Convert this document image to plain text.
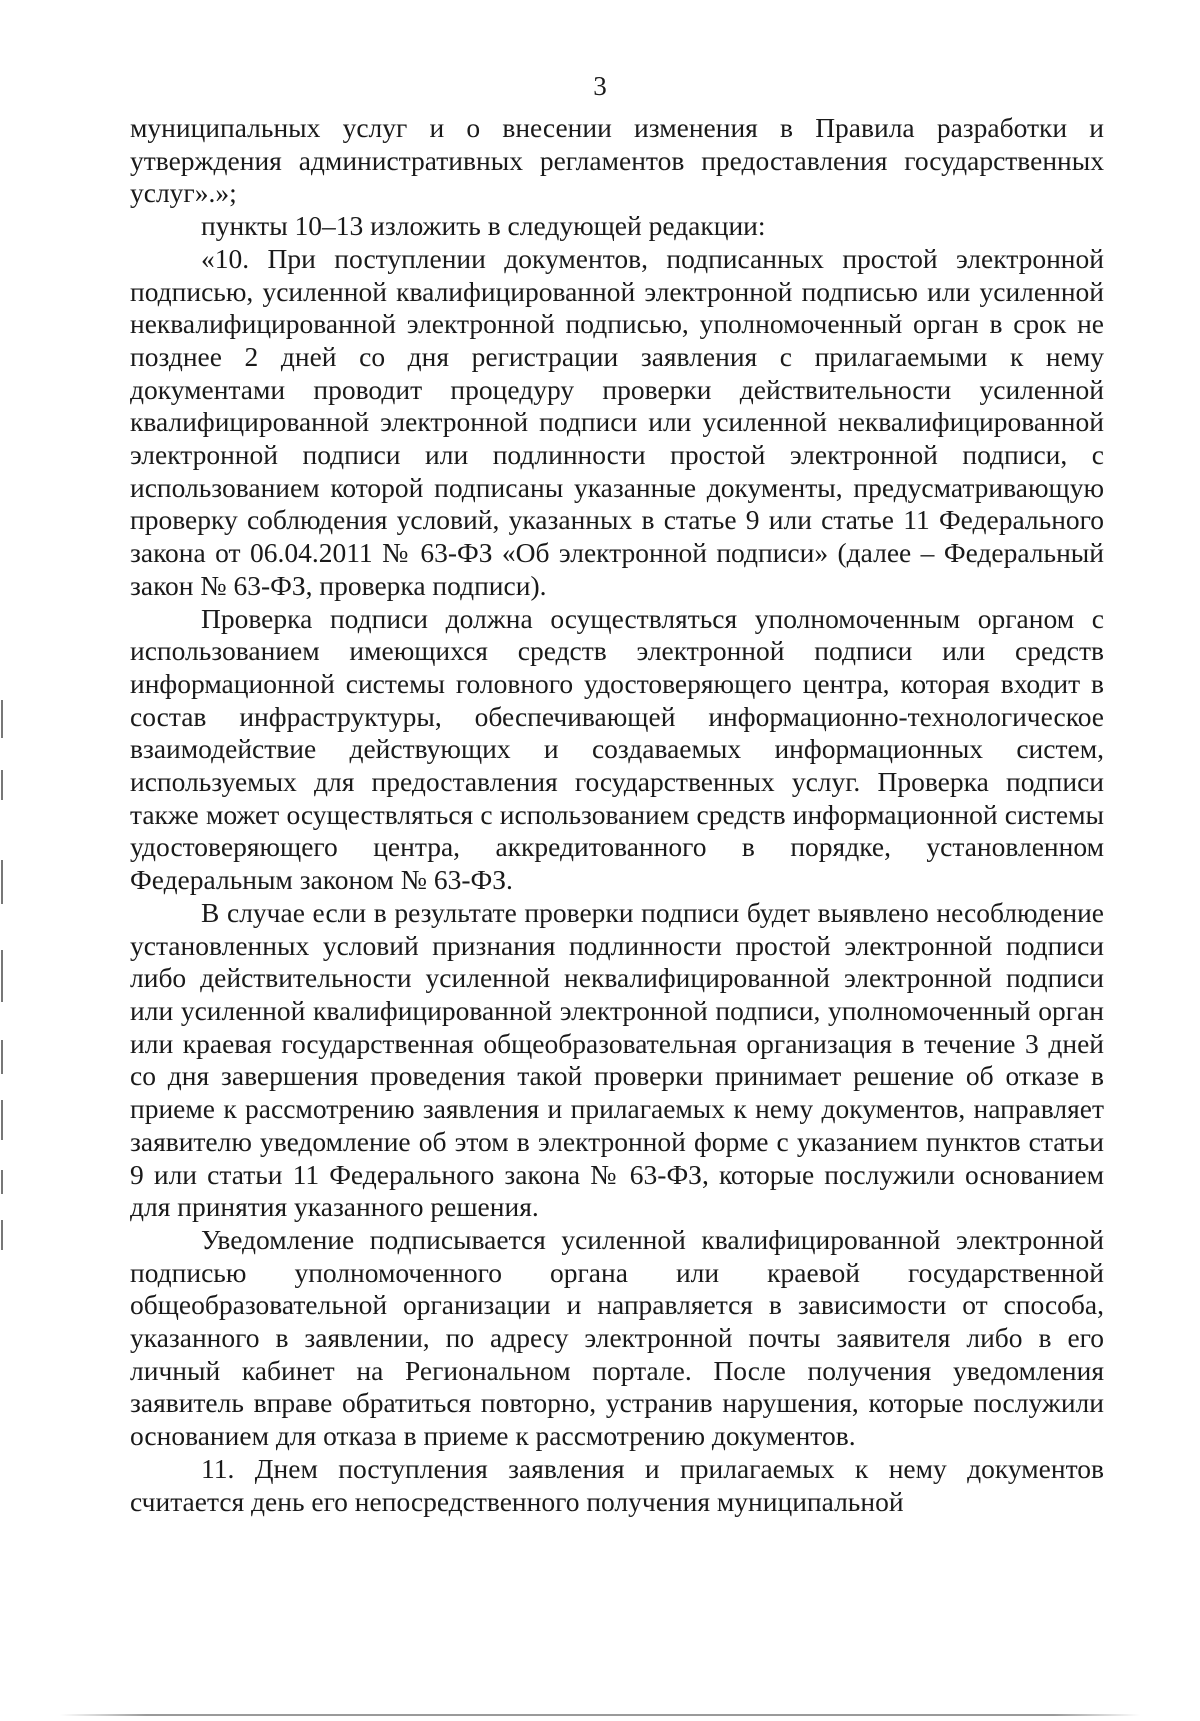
3

муниципальных услуг и о внесении изменения в Правила разработки и утверждения административных регламентов предоставления государственных услуг».»;

пункты 10–13 изложить в следующей редакции:

«10. При поступлении документов, подписанных простой электронной подписью, усиленной квалифицированной электронной подписью или усиленной неквалифицированной электронной подписью, уполномоченный орган в срок не позднее 2 дней со дня регистрации заявления с прилагаемыми к нему документами проводит процедуру проверки действительности усиленной квалифицированной электронной подписи или усиленной неквалифицированной электронной подписи или подлинности простой электронной подписи, с использованием которой подписаны указанные документы, предусматривающую проверку соблюдения условий, указанных в статье 9 или статье 11 Федерального закона от 06.04.2011 № 63-ФЗ «Об электронной подписи» (далее – Федеральный закон № 63-ФЗ, проверка подписи).

Проверка подписи должна осуществляться уполномоченным органом с использованием имеющихся средств электронной подписи или средств информационной системы головного удостоверяющего центра, которая входит в состав инфраструктуры, обеспечивающей информационно-технологическое взаимодействие действующих и создаваемых информационных систем, используемых для предоставления государственных услуг. Проверка подписи также может осуществляться с использованием средств информационной системы удостоверяющего центра, аккредитованного в порядке, установленном Федеральным законом № 63-ФЗ.

В случае если в результате проверки подписи будет выявлено несоблюдение установленных условий признания подлинности простой электронной подписи либо действительности усиленной неквалифицированной электронной подписи или усиленной квалифицированной электронной подписи, уполномоченный орган или краевая государственная общеобразовательная организация в течение 3 дней со дня завершения проведения такой проверки принимает решение об отказе в приеме к рассмотрению заявления и прилагаемых к нему документов, направляет заявителю уведомление об этом в электронной форме с указанием пунктов статьи 9 или статьи 11 Федерального закона № 63-ФЗ, которые послужили основанием для принятия указанного решения.

Уведомление подписывается усиленной квалифицированной электронной подписью уполномоченного органа или краевой государственной общеобразовательной организации и направляется в зависимости от способа, указанного в заявлении, по адресу электронной почты заявителя либо в его личный кабинет на Региональном портале. После получения уведомления заявитель вправе обратиться повторно, устранив нарушения, которые послужили основанием для отказа в приеме к рассмотрению документов.

11. Днем поступления заявления и прилагаемых к нему документов считается день его непосредственного получения муниципальной
